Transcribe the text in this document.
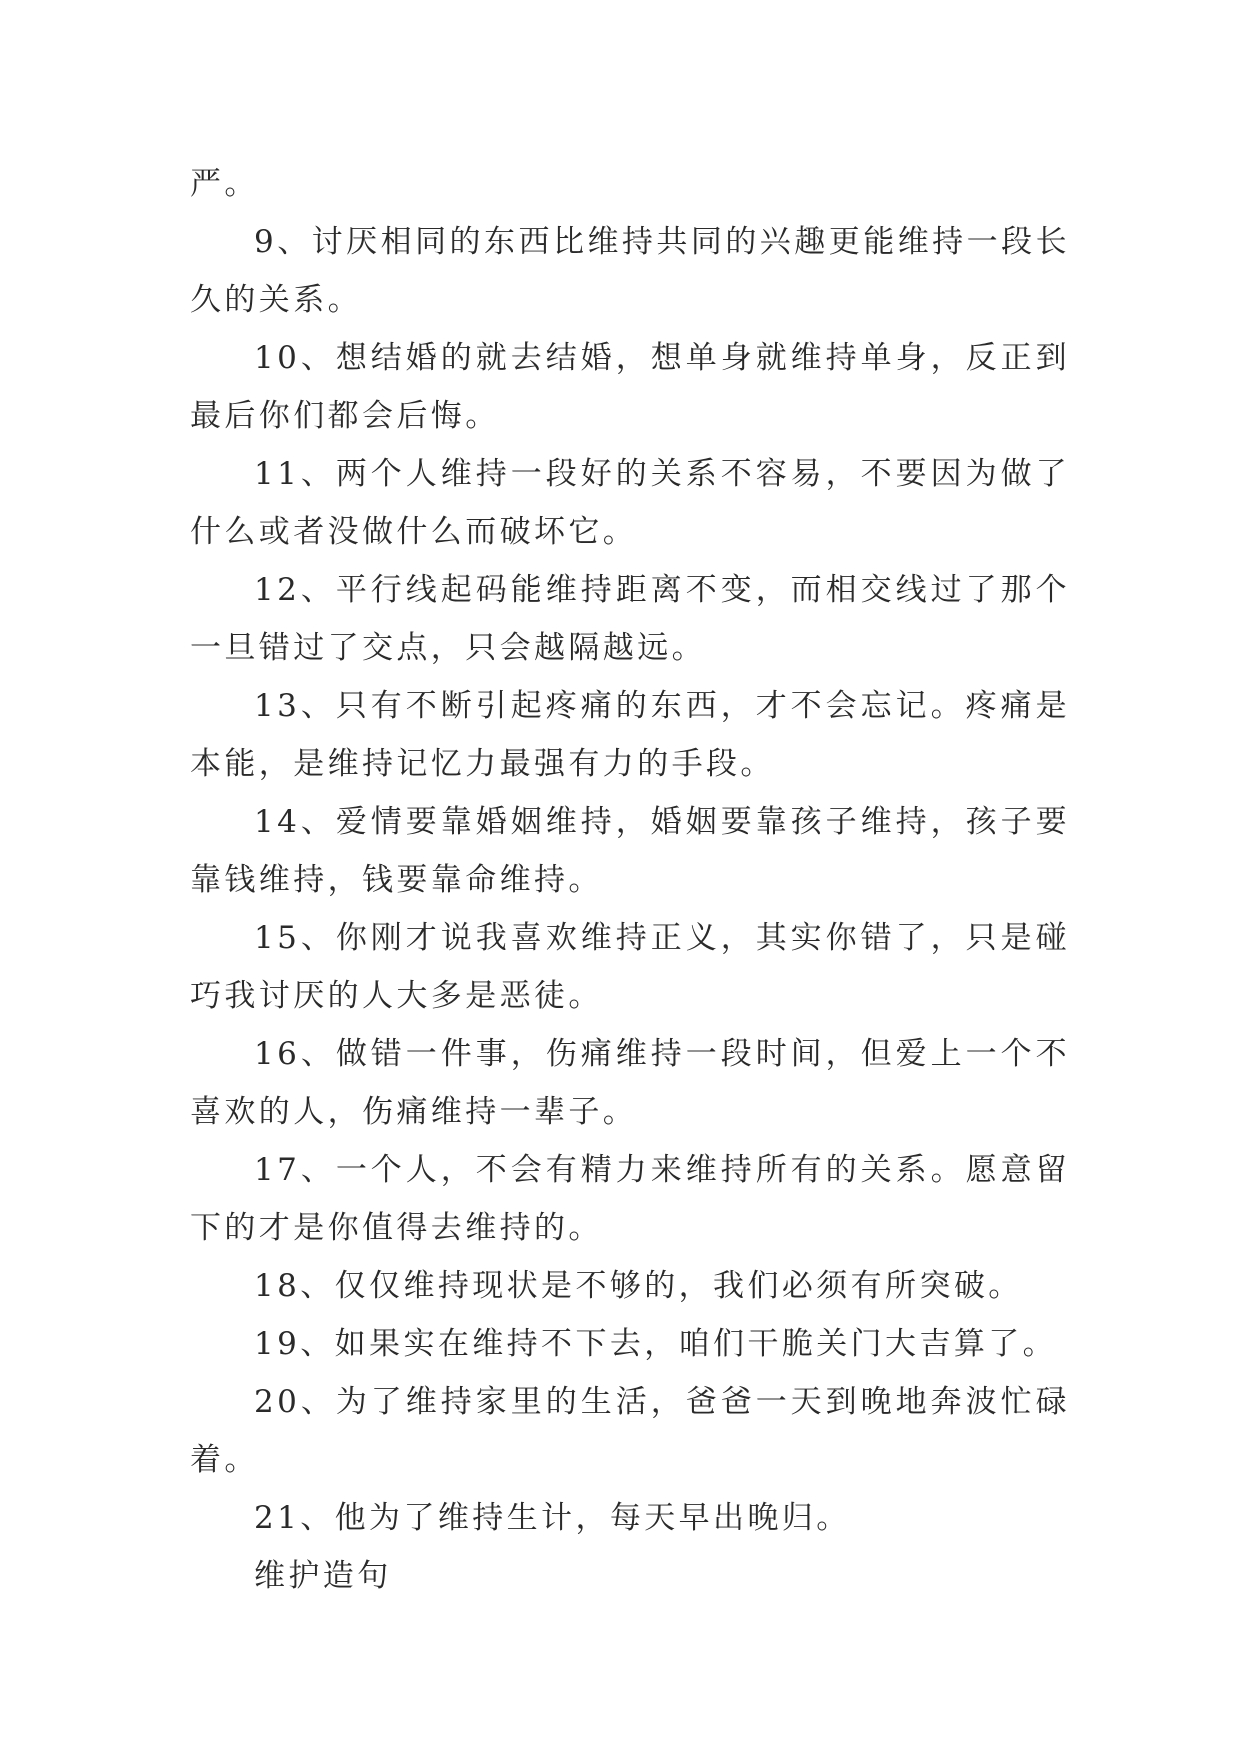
严。

9、讨厌相同的东西比维持共同的兴趣更能维持一段长久的关系。

10、想结婚的就去结婚，想单身就维持单身，反正到最后你们都会后悔。

11、两个人维持一段好的关系不容易，不要因为做了什么或者没做什么而破坏它。

12、平行线起码能维持距离不变，而相交线过了那个一旦错过了交点，只会越隔越远。

13、只有不断引起疼痛的东西，才不会忘记。疼痛是本能，是维持记忆力最强有力的手段。

14、爱情要靠婚姻维持，婚姻要靠孩子维持，孩子要靠钱维持，钱要靠命维持。

15、你刚才说我喜欢维持正义，其实你错了，只是碰巧我讨厌的人大多是恶徒。

16、做错一件事，伤痛维持一段时间，但爱上一个不喜欢的人，伤痛维持一辈子。

17、一个人，不会有精力来维持所有的关系。愿意留下的才是你值得去维持的。

18、仅仅维持现状是不够的，我们必须有所突破。

19、如果实在维持不下去，咱们干脆关门大吉算了。

20、为了维持家里的生活，爸爸一天到晚地奔波忙碌着。

21、他为了维持生计，每天早出晚归。

维护造句
